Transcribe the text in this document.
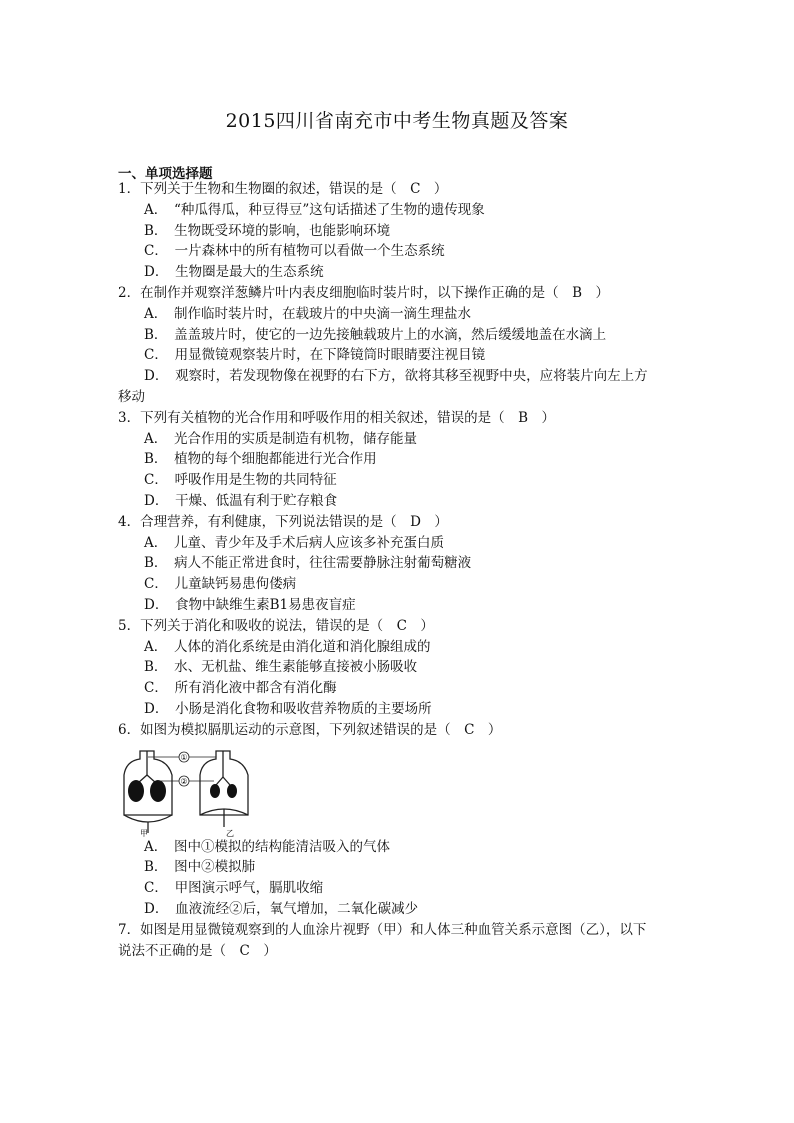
2015四川省南充市中考生物真题及答案
一、单项选择题

1．下列关于生物和生物圈的叙述，错误的是（　C　）

A．　“种瓜得瓜，种豆得豆”这句话描述了生物的遗传现象

B．　生物既受环境的影响，也能影响环境

C．　一片森林中的所有植物可以看做一个生态系统

D．　生物圈是最大的生态系统

2．在制作并观察洋葱鳞片叶内表皮细胞临时装片时，以下操作正确的是（　B　）

A．　制作临时装片时，在载玻片的中央滴一滴生理盐水

B．　盖盖玻片时，使它的一边先接触载玻片上的水滴，然后缓缓地盖在水滴上

C．　用显微镜观察装片时，在下降镜筒时眼睛要注视目镜

D．　观察时，若发现物像在视野的右下方，欲将其移至视野中央，应将装片向左上方

移动

3．下列有关植物的光合作用和呼吸作用的相关叙述，错误的是（　B　）

A．　光合作用的实质是制造有机物，储存能量

B．　植物的每个细胞都能进行光合作用

C．　呼吸作用是生物的共同特征

D．　干燥、低温有利于贮存粮食

4．合理营养，有利健康，下列说法错误的是（　D　）

A．　儿童、青少年及手术后病人应该多补充蛋白质

B．　病人不能正常进食时，往往需要静脉注射葡萄糖液

C．　儿童缺钙易患佝偻病

D．　食物中缺维生素B1易患夜盲症

5．下列关于消化和吸收的说法，错误的是（　C　）

A．　人体的消化系统是由消化道和消化腺组成的

B．　水、无机盐、维生素能够直接被小肠吸收

C．　所有消化液中都含有消化酶

D．　小肠是消化食物和吸收营养物质的主要场所

6．如图为模拟膈肌运动的示意图，下列叙述错误的是（　C　）

①
②
甲	乙

A．　图中①模拟的结构能清洁吸入的气体

B．　图中②模拟肺

C．　甲图演示呼气，膈肌收缩

D．　血液流经②后，氧气增加，二氧化碳减少

7．如图是用显微镜观察到的人血涂片视野（甲）和人体三种血管关系示意图（乙），以下

说法不正确的是（　C　）
